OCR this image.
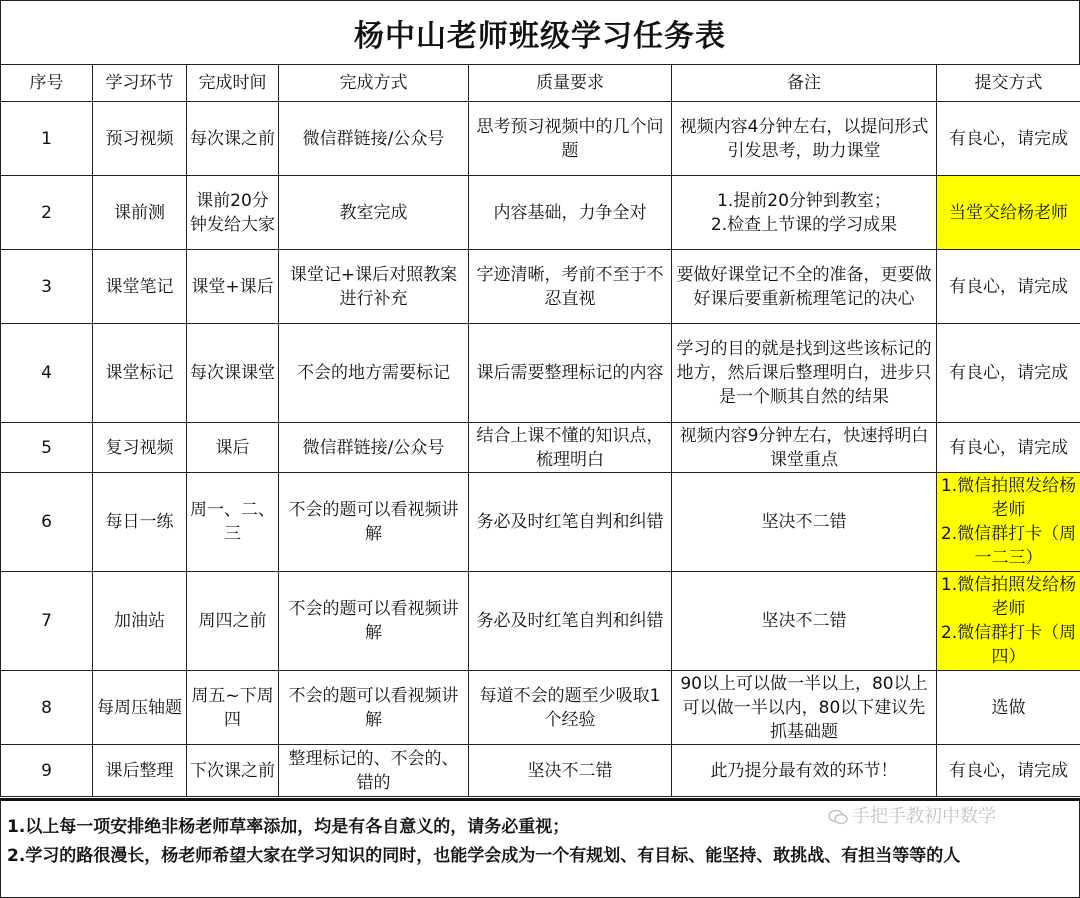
杨中山老师班级学习任务表
序号	学习环节	完成时间	完成方式	质量要求	备注	提交方式
1	预习视频	每次课之前	微信群链接/公众号	思考预习视频中的几个问题	视频内容4分钟左右，以提问形式引发思考，助力课堂	有良心，请完成
2	课前测	课前20分钟发给大家	教室完成	内容基础，力争全对	1.提前20分钟到教室；
2.检查上节课的学习成果	当堂交给杨老师
3	课堂笔记	课堂+课后	课堂记+课后对照教案进行补充	字迹清晰，考前不至于不忍直视	要做好课堂记不全的准备，更要做好课后要重新梳理笔记的决心	有良心，请完成
4	课堂标记	每次课课堂	不会的地方需要标记	课后需要整理标记的内容	学习的目的就是找到这些该标记的地方，然后课后整理明白，进步只是一个顺其自然的结果	有良心，请完成
5	复习视频	课后	微信群链接/公众号	结合上课不懂的知识点，梳理明白	视频内容9分钟左右，快速捋明白课堂重点	有良心，请完成
6	每日一练	周一、二、三	不会的题可以看视频讲解	务必及时红笔自判和纠错	坚决不二错	1.微信拍照发给杨老师
2.微信群打卡（周一二三）
7	加油站	周四之前	不会的题可以看视频讲解	务必及时红笔自判和纠错	坚决不二错	1.微信拍照发给杨老师
2.微信群打卡（周四）
8	每周压轴题	周五~下周四	不会的题可以看视频讲解	每道不会的题至少吸取1个经验	90以上可以做一半以上，80以上可以做一半以内，80以下建议先抓基础题	选做
9	课后整理	下次课之前	整理标记的、不会的、错的	坚决不二错	此乃提分最有效的环节！	有良心，请完成
1.以上每一项安排绝非杨老师草率添加，均是有各自意义的，请务必重视；
2.学习的路很漫长，杨老师希望大家在学习知识的同时，也能学会成为一个有规划、有目标、能坚持、敢挑战、有担当等等的人
手把手教初中数学
